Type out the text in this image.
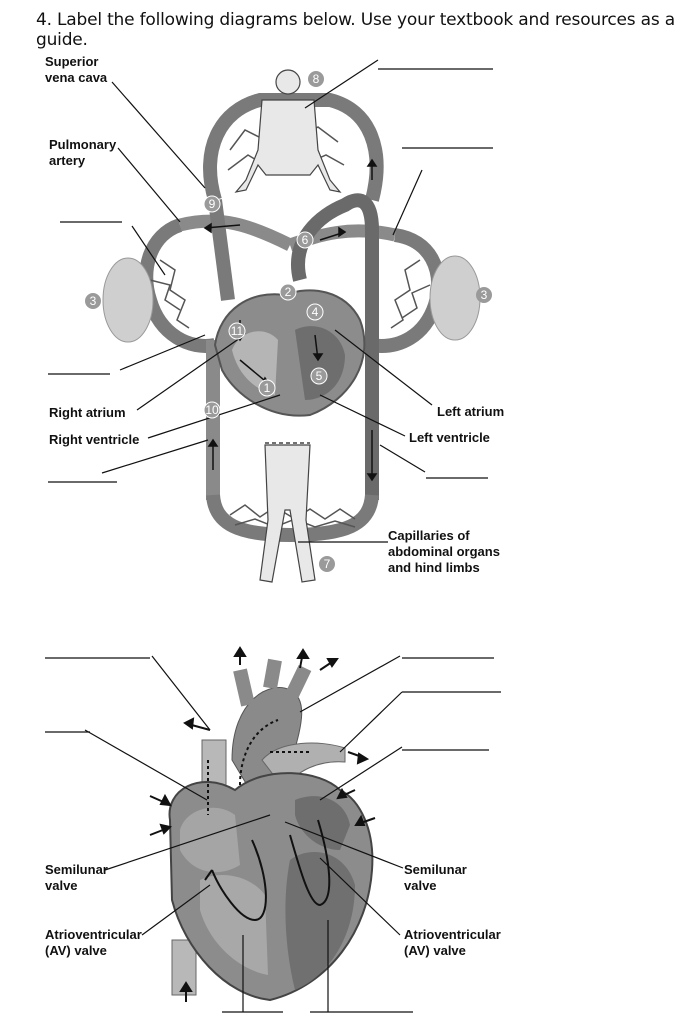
4. Label the following diagrams below. Use your textbook and resources as a guide.
8
9
6
2
3	3
4
11
5
1
10
7
Superior
vena cava
Pulmonary
artery
Right atrium
Right ventricle
Left atrium
Left ventricle
Capillaries of
abdominal organs
and hind limbs
Semilunar
valve
Semilunar
valve
Atrioventricular
(AV) valve
Atrioventricular
(AV) valve
